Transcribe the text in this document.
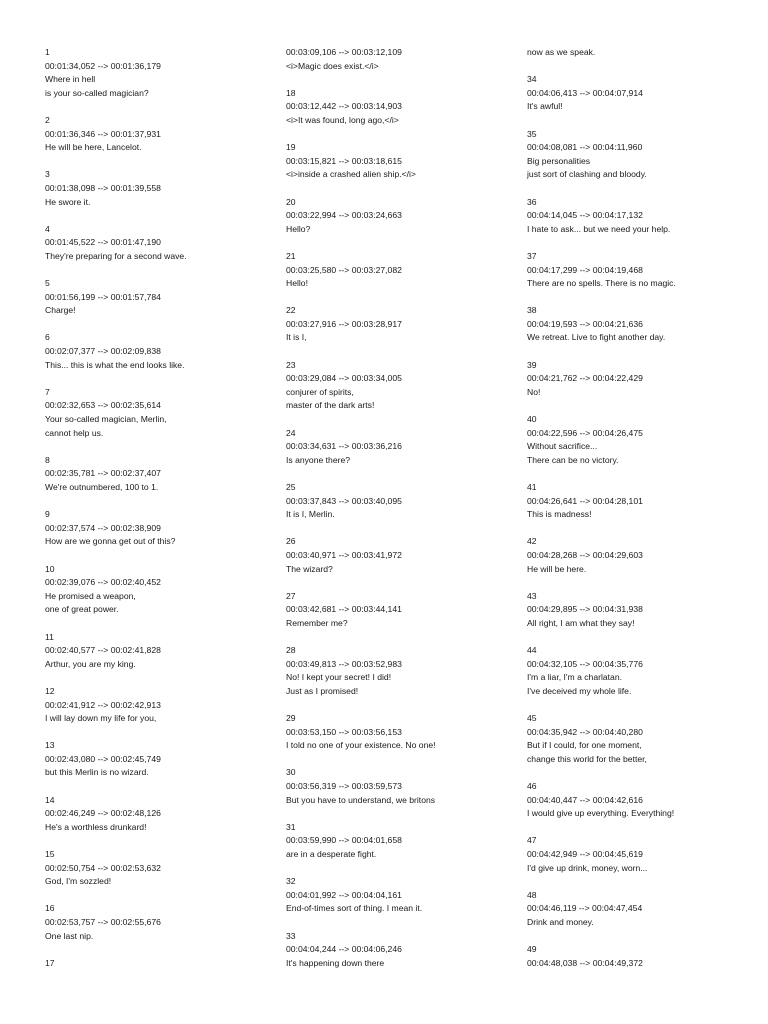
1
00:01:34,052 --> 00:01:36,179
Where in hell
is your so-called magician?
2
00:01:36,346 --> 00:01:37,931
He will be here, Lancelot.
3
00:01:38,098 --> 00:01:39,558
He swore it.
4
00:01:45,522 --> 00:01:47,190
They're preparing for a second wave.
5
00:01:56,199 --> 00:01:57,784
Charge!
6
00:02:07,377 --> 00:02:09,838
This... this is what the end looks like.
7
00:02:32,653 --> 00:02:35,614
Your so-called magician, Merlin,
cannot help us.
8
00:02:35,781 --> 00:02:37,407
We're outnumbered, 100 to 1.
9
00:02:37,574 --> 00:02:38,909
How are we gonna get out of this?
10
00:02:39,076 --> 00:02:40,452
He promised a weapon,
one of great power.
11
00:02:40,577 --> 00:02:41,828
Arthur, you are my king.
12
00:02:41,912 --> 00:02:42,913
I will lay down my life for you,
13
00:02:43,080 --> 00:02:45,749
but this Merlin is no wizard.
14
00:02:46,249 --> 00:02:48,126
He's a worthless drunkard!
15
00:02:50,754 --> 00:02:53,632
God, I'm sozzled!
16
00:02:53,757 --> 00:02:55,676
One last nip.
17
00:03:09,106 --> 00:03:12,109
<i>Magic does exist.</i>
18
00:03:12,442 --> 00:03:14,903
<i>It was found, long ago,</i>
19
00:03:15,821 --> 00:03:18,615
<i>inside a crashed alien ship.</i>
20
00:03:22,994 --> 00:03:24,663
Hello?
21
00:03:25,580 --> 00:03:27,082
Hello!
22
00:03:27,916 --> 00:03:28,917
It is I,
23
00:03:29,084 --> 00:03:34,005
conjurer of spirits,
master of the dark arts!
24
00:03:34,631 --> 00:03:36,216
Is anyone there?
25
00:03:37,843 --> 00:03:40,095
It is I, Merlin.
26
00:03:40,971 --> 00:03:41,972
The wizard?
27
00:03:42,681 --> 00:03:44,141
Remember me?
28
00:03:49,813 --> 00:03:52,983
No! I kept your secret! I did!
Just as I promised!
29
00:03:53,150 --> 00:03:56,153
I told no one of your existence. No one!
30
00:03:56,319 --> 00:03:59,573
But you have to understand, we britons
31
00:03:59,990 --> 00:04:01,658
are in a desperate fight.
32
00:04:01,992 --> 00:04:04,161
End-of-times sort of thing. I mean it.
33
00:04:04,244 --> 00:04:06,246
It's happening down there
now as we speak.
34
00:04:06,413 --> 00:04:07,914
It's awful!
35
00:04:08,081 --> 00:04:11,960
Big personalities
just sort of clashing and bloody.
36
00:04:14,045 --> 00:04:17,132
I hate to ask... but we need your help.
37
00:04:17,299 --> 00:04:19,468
There are no spells. There is no magic.
38
00:04:19,593 --> 00:04:21,636
We retreat. Live to fight another day.
39
00:04:21,762 --> 00:04:22,429
No!
40
00:04:22,596 --> 00:04:26,475
Without sacrifice...
There can be no victory.
41
00:04:26,641 --> 00:04:28,101
This is madness!
42
00:04:28,268 --> 00:04:29,603
He will be here.
43
00:04:29,895 --> 00:04:31,938
All right, I am what they say!
44
00:04:32,105 --> 00:04:35,776
I'm a liar, I'm a charlatan.
I've deceived my whole life.
45
00:04:35,942 --> 00:04:40,280
But if I could, for one moment,
change this world for the better,
46
00:04:40,447 --> 00:04:42,616
I would give up everything. Everything!
47
00:04:42,949 --> 00:04:45,619
I'd give up drink, money, worn...
48
00:04:46,119 --> 00:04:47,454
Drink and money.
49
00:04:48,038 --> 00:04:49,372
